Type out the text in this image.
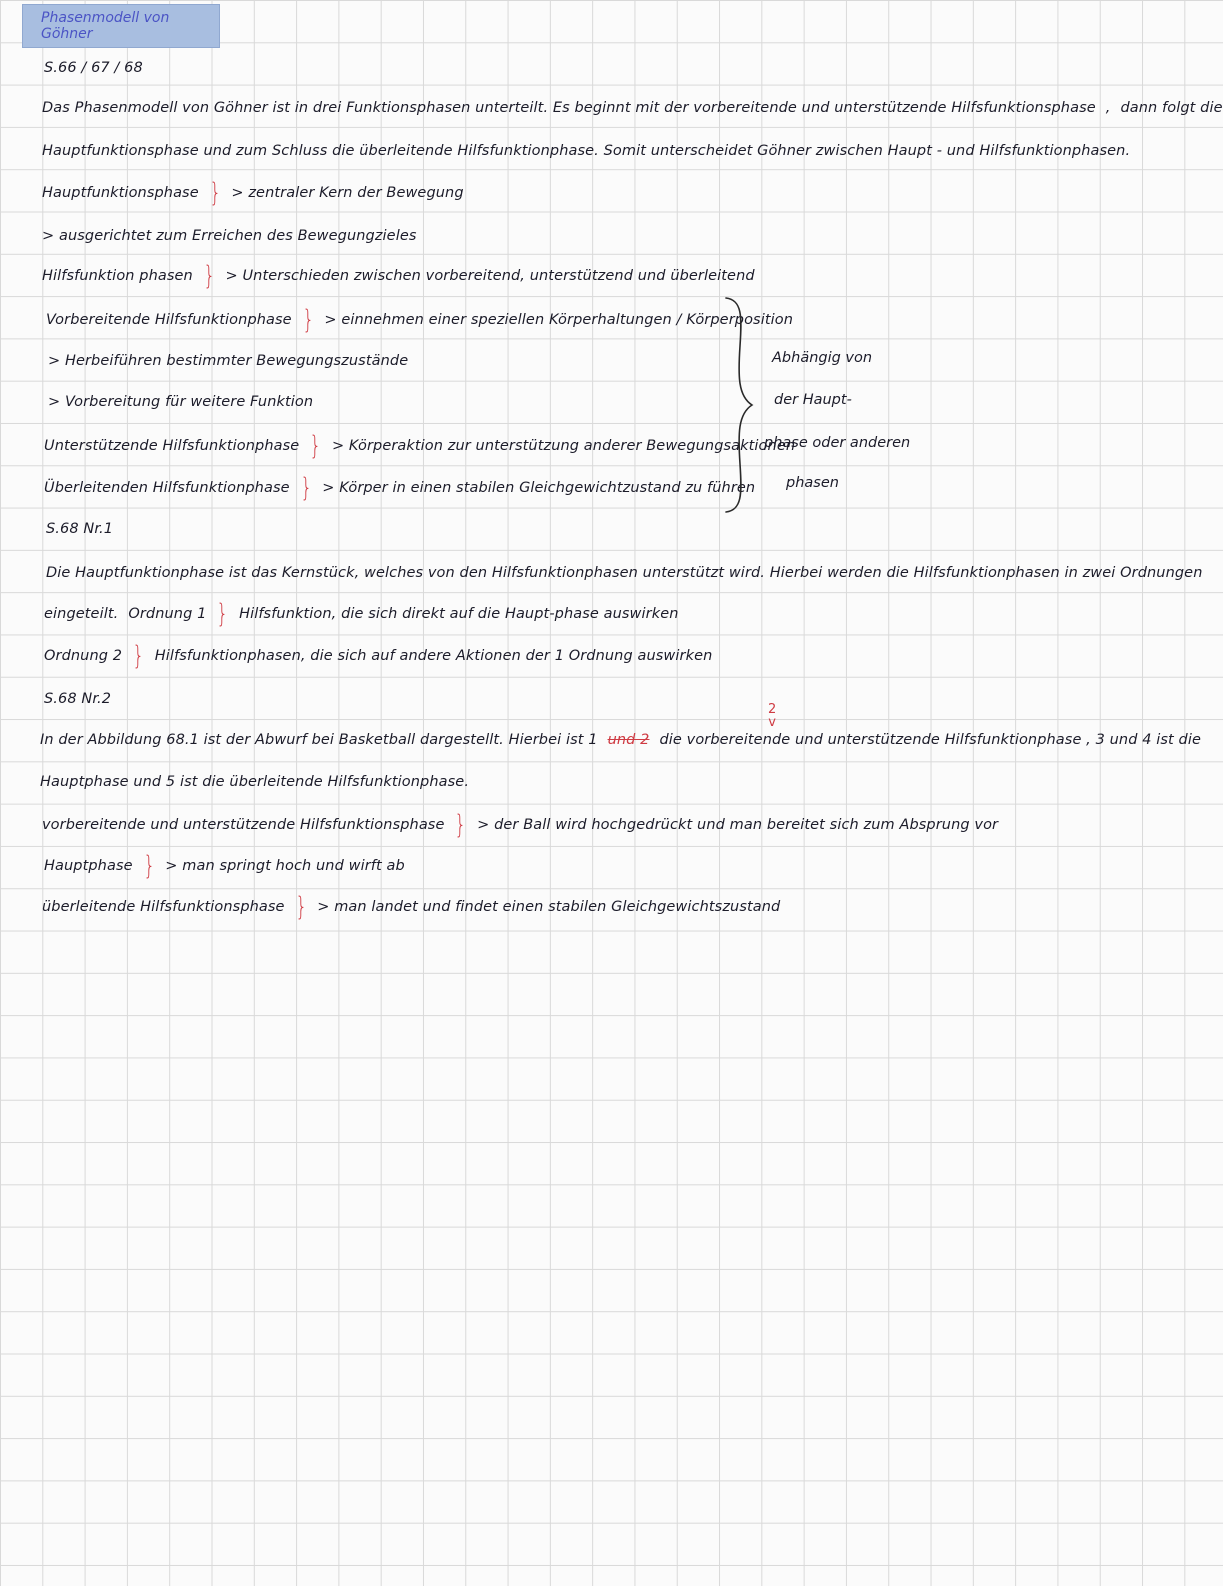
Phasenmodell von Göhner
S.66 / 67 / 68
Das Phasenmodell von Göhner ist in drei Funktionsphasen unterteilt. Es beginnt mit der vorbereitende und unterstützende Hilfsfunktionsphase , dann folgt die
Hauptfunktionsphase und zum Schluss die überleitende Hilfsfunktionphase. Somit unterscheidet Göhner zwischen Haupt - und Hilfsfunktionphasen.
Hauptfunktionsphase } > zentraler Kern der Bewegung
> ausgerichtet zum Erreichen des Bewegungzieles
Hilfsfunktion phasen } > Unterschieden zwischen vorbereitend, unterstützend und überleitend
Vorbereitende Hilfsfunktionphase } > einnehmen einer speziellen Körperhaltungen / Körperposition
> Herbeiführen bestimmter Bewegungszustände
> Vorbereitung für weitere Funktion
Unterstützende Hilfsfunktionphase } > Körperaktion zur unterstützung anderer Bewegungsaktionen
Überleitenden Hilfsfunktionphase } > Körper in einen stabilen Gleichgewichtzustand zu führen
Abhängig von
der Haupt-
phase oder anderen
phasen
S.68 Nr.1
Die Hauptfunktionphase ist das Kernstück, welches von den Hilfsfunktionphasen unterstützt wird. Hierbei werden die Hilfsfunktionphasen in zwei Ordnungen
eingeteilt. Ordnung 1 } Hilfsfunktion, die sich direkt auf die Haupt-phase auswirken
Ordnung 2 } Hilfsfunktionphasen, die sich auf andere Aktionen der 1 Ordnung auswirken
S.68 Nr.2
2
v
In der Abbildung 68.1 ist der Abwurf bei Basketball dargestellt. Hierbei ist 1 und 2 die vorbereitende und unterstützende Hilfsfunktionphase , 3 und 4 ist die
Hauptphase und 5 ist die überleitende Hilfsfunktionphase.
vorbereitende und unterstützende Hilfsfunktionsphase } > der Ball wird hochgedrückt und man bereitet sich zum Absprung vor
Hauptphase } > man springt hoch und wirft ab
überleitende Hilfsfunktionsphase } > man landet und findet einen stabilen Gleichgewichtszustand
